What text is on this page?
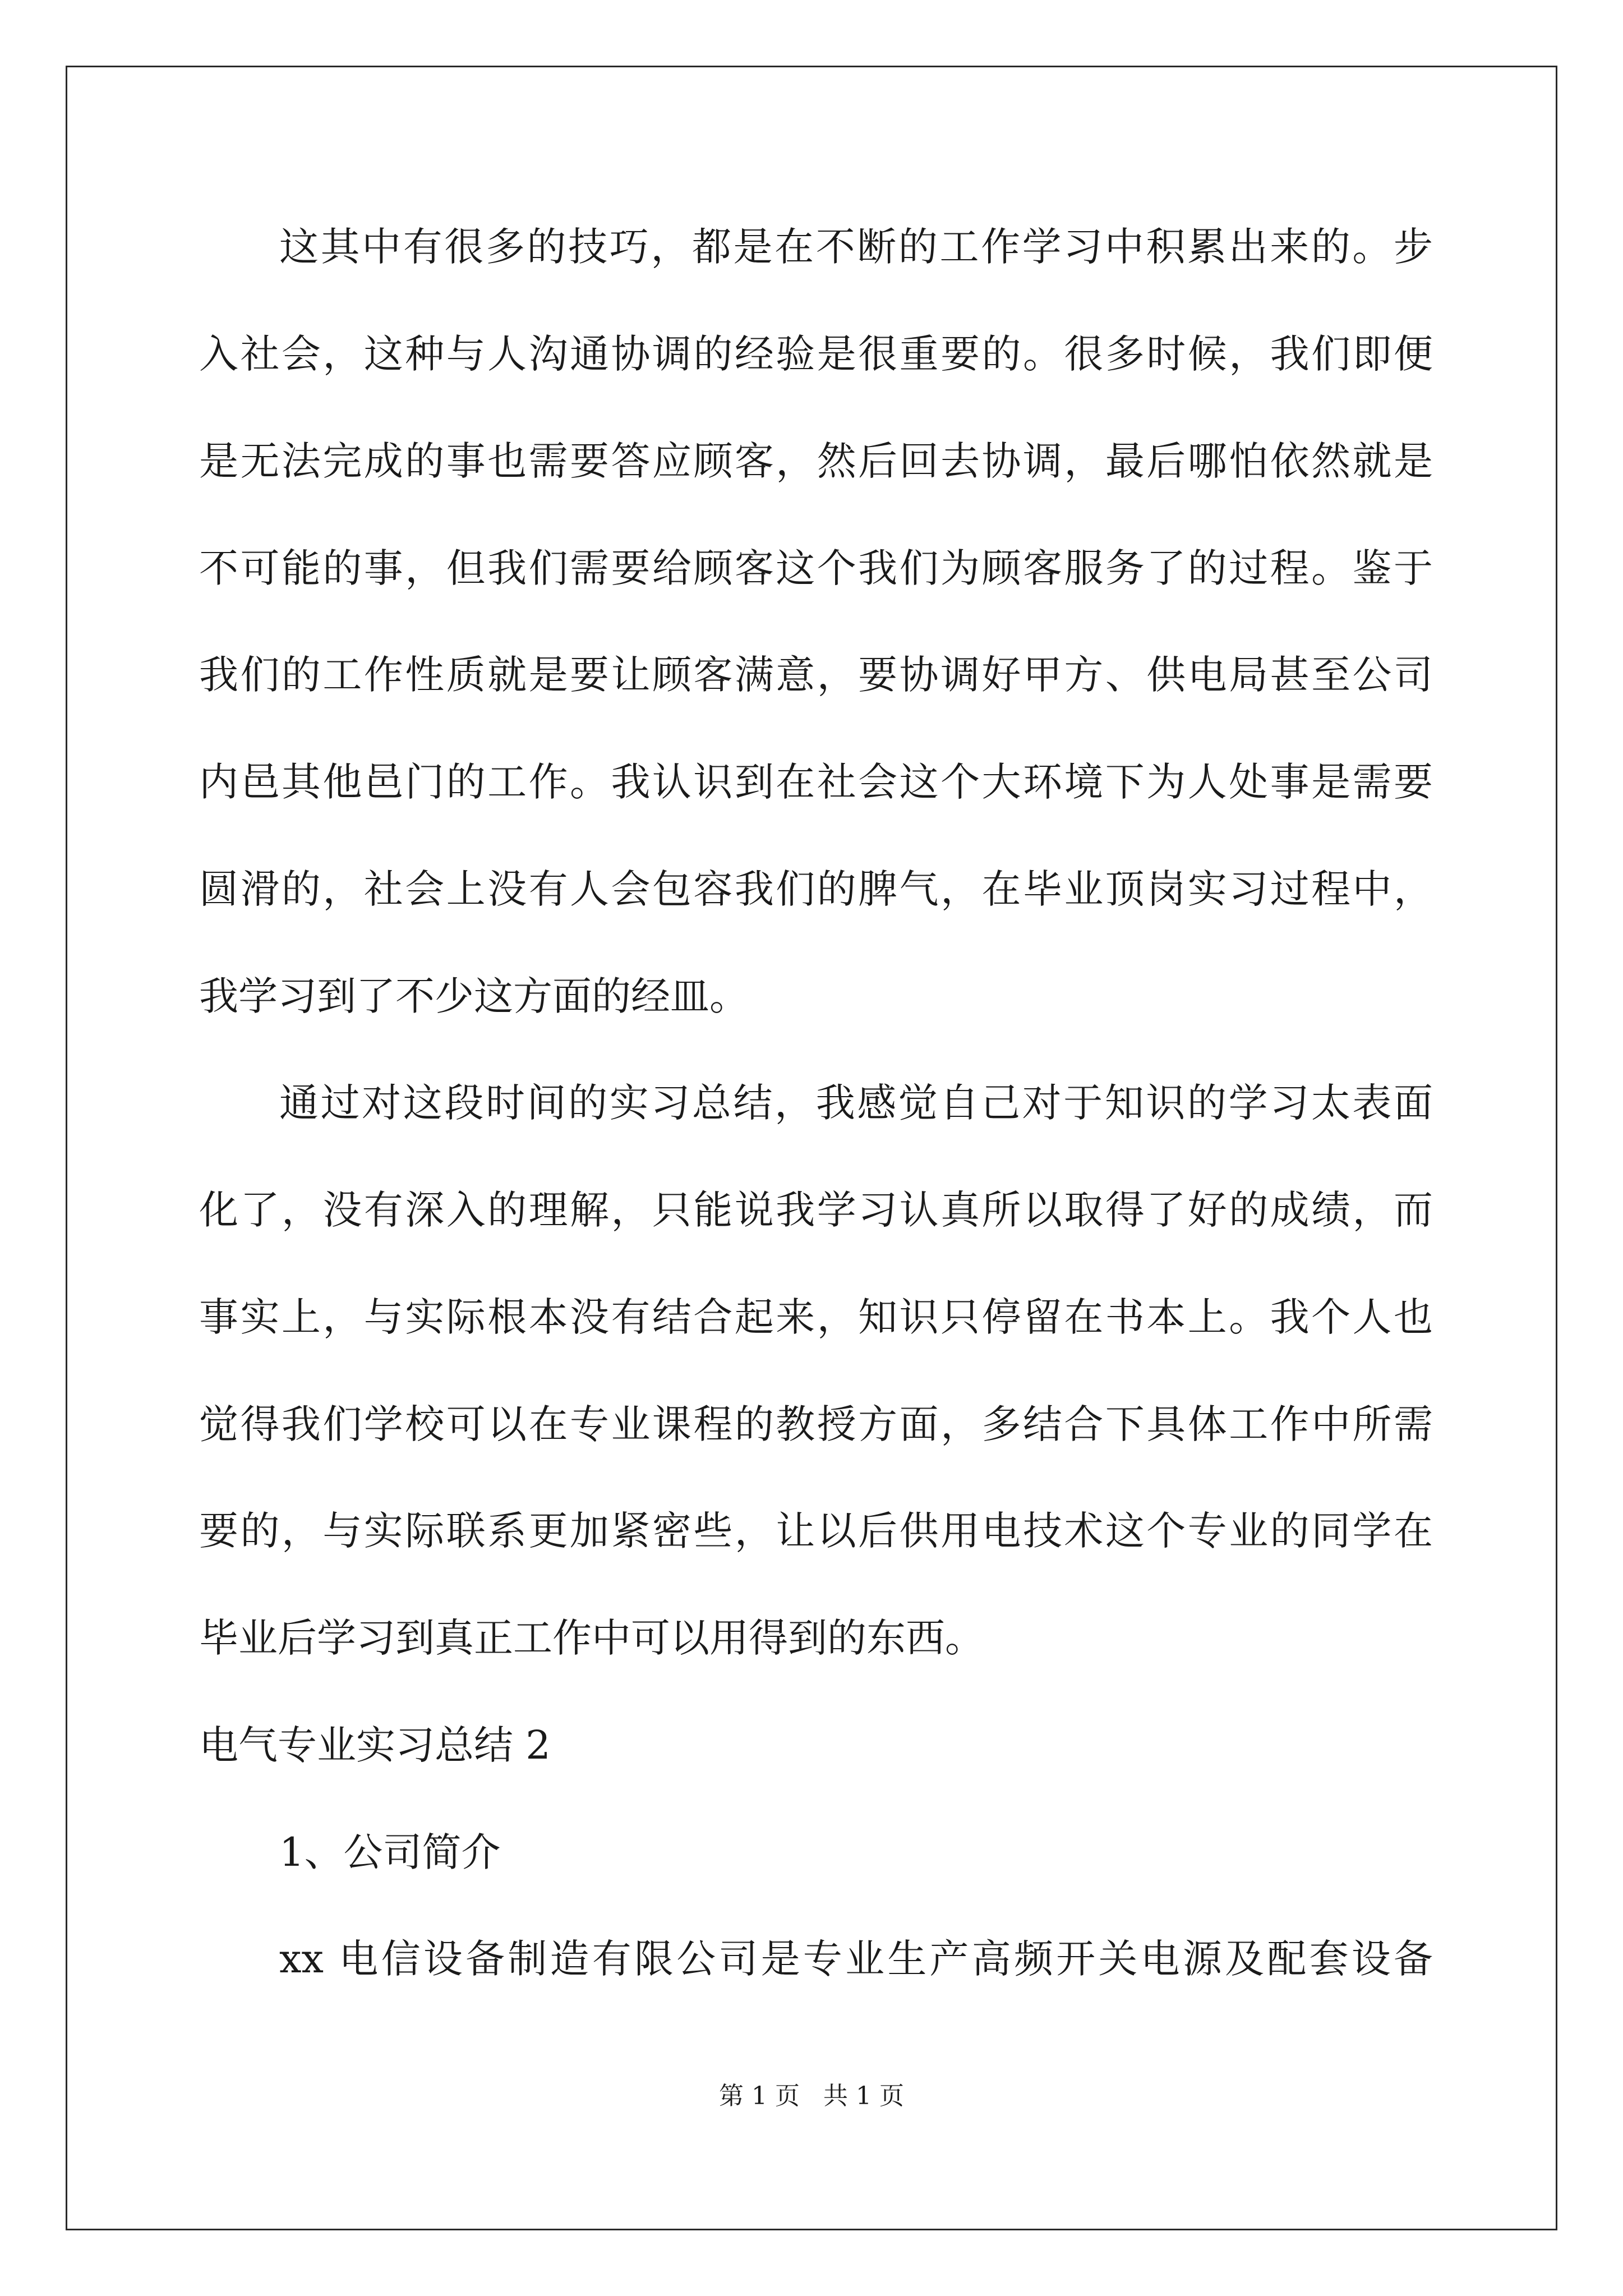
这其中有很多的技巧，都是在不断的工作学习中积累出来的。步
入社会，这种与人沟通协调的经验是很重要的。很多时候，我们即便
是无法完成的事也需要答应顾客，然后回去协调，最后哪怕依然就是
不可能的事，但我们需要给顾客这个我们为顾客服务了的过程。鉴于
我们的工作性质就是要让顾客满意，要协调好甲方、供电局甚至公司
内⾢其他⾢门的工作。我认识到在社会这个大环境下为人处事是需要
圆滑的，社会上没有人会包容我们的脾气，在毕业顶岗实习过程中，
我学习到了不少这方面的经⽫。
通过对这段时间的实习总结，我感觉自己对于知识的学习太表面
化了，没有深入的理解，只能说我学习认真所以取得了好的成绩，而
事实上，与实际根本没有结合起来，知识只停留在书本上。我个人也
觉得我们学校可以在专业课程的教授方面，多结合下具体工作中所需
要的，与实际联系更加紧密些，让以后供用电技术这个专业的同学在
毕业后学习到真正工作中可以用得到的东西。
电气专业实习总结 2
1、公司简介
xx 电信设备制造有限公司是专业生产高频开关电源及配套设备
第 1 页   共 1 页
